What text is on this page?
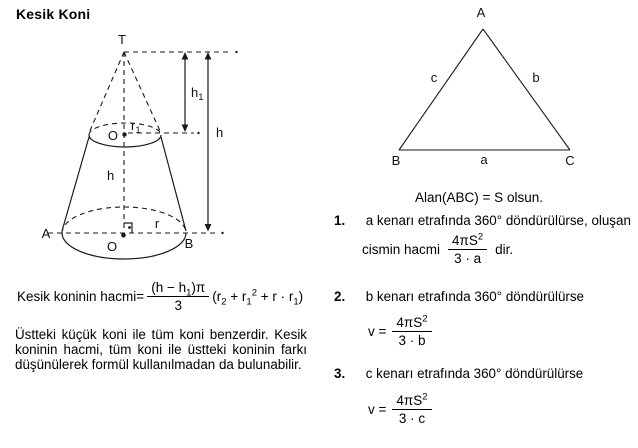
Kesik Koni
T
O
$r_1$
$h_1$
h
h
A
B
O
r
Kesik koninin hacmi= $\frac{(h - h_1)\pi}{3} (r_2 + r_1^2 + r \cdot r_1)$
Üstteki küçük koni ile tüm koni benzerdir. Kesik koninin hacmi, tüm koni ile üstteki koninin farkı düşünülerek formül kullanılmadan da bulunabilir.
A
B	C
a
b
c
Alan(ABC) = S olsun.
1. a kenarı etrafında 360° döndürülürse, oluşan
cismin hacmi $\frac{4\pi S^2}{3 \cdot a}$ dir.
2. b kenarı etrafında 360° döndürülürse
$v = \frac{4\pi S^2}{3 \cdot b}$
3. c kenarı etrafında 360° döndürülürse
$v = \frac{4\pi S^2}{3 \cdot c}$
